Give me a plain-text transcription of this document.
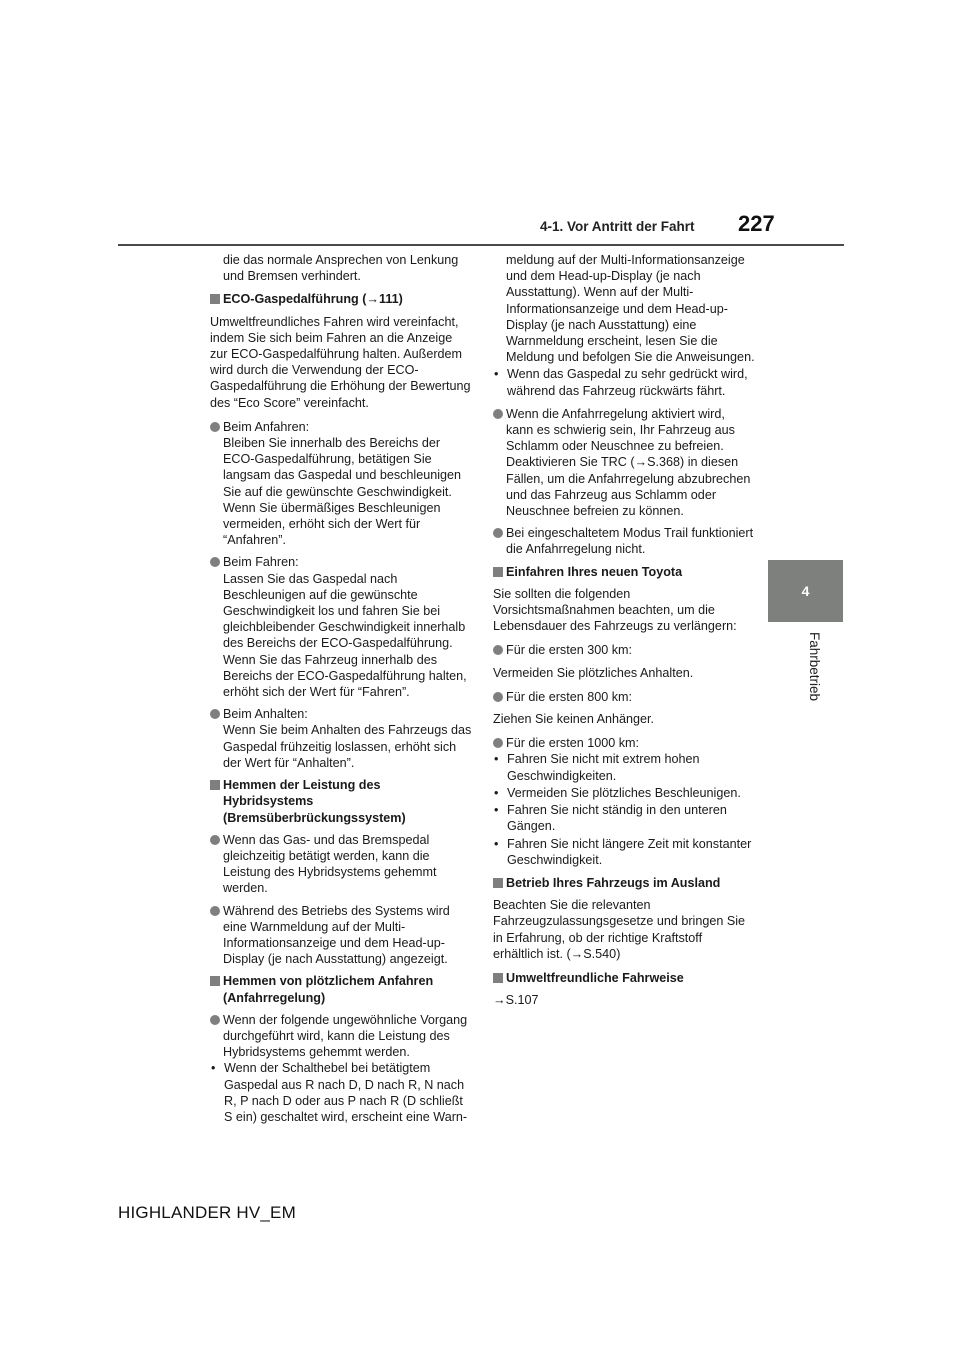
4-1. Vor Antritt der Fahrt 227
4
Fahrbetrieb
die das normale Ansprechen von Lenkung und Bremsen verhindert.
ECO-Gaspedalführung (→111)
Umweltfreundliches Fahren wird vereinfacht, indem Sie sich beim Fahren an die Anzeige zur ECO-Gaspedalführung halten. Außerdem wird durch die Verwendung der ECO-Gaspedalführung die Erhöhung der Bewertung des “Eco Score” vereinfacht.
Beim Anfahren:
Bleiben Sie innerhalb des Bereichs der ECO-Gaspedalführung, betätigen Sie langsam das Gaspedal und beschleunigen Sie auf die gewünschte Geschwindigkeit. Wenn Sie übermäßiges Beschleunigen vermeiden, erhöht sich der Wert für “Anfahren”.
Beim Fahren:
Lassen Sie das Gaspedal nach Beschleunigen auf die gewünschte Geschwindigkeit los und fahren Sie bei gleichbleibender Geschwindigkeit innerhalb des Bereichs der ECO-Gaspedalführung. Wenn Sie das Fahrzeug innerhalb des Bereichs der ECO-Gaspedalführung halten, erhöht sich der Wert für “Fahren”.
Beim Anhalten:
Wenn Sie beim Anhalten des Fahrzeugs das Gaspedal frühzeitig loslassen, erhöht sich der Wert für “Anhalten”.
Hemmen der Leistung des Hybridsystems (Bremsüberbrückungssystem)
Wenn das Gas- und das Bremspedal gleichzeitig betätigt werden, kann die Leistung des Hybridsystems gehemmt werden.
Während des Betriebs des Systems wird eine Warnmeldung auf der Multi-Informationsanzeige und dem Head-up-Display (je nach Ausstattung) angezeigt.
Hemmen von plötzlichem Anfahren (Anfahrregelung)
Wenn der folgende ungewöhnliche Vorgang durchgeführt wird, kann die Leistung des Hybridsystems gehemmt werden.
• Wenn der Schalthebel bei betätigtem Gaspedal aus R nach D, D nach R, N nach R, P nach D oder aus P nach R (D schließt S ein) geschaltet wird, erscheint eine Warn-
meldung auf der Multi-Informationsanzeige und dem Head-up-Display (je nach Ausstattung). Wenn auf der Multi-Informationsanzeige und dem Head-up-Display (je nach Ausstattung) eine Warnmeldung erscheint, lesen Sie die Meldung und befolgen Sie die Anweisungen.
• Wenn das Gaspedal zu sehr gedrückt wird, während das Fahrzeug rückwärts fährt.
Wenn die Anfahrregelung aktiviert wird, kann es schwierig sein, Ihr Fahrzeug aus Schlamm oder Neuschnee zu befreien. Deaktivieren Sie TRC (→S.368) in diesen Fällen, um die Anfahrregelung abzubrechen und das Fahrzeug aus Schlamm oder Neuschnee befreien zu können.
Bei eingeschaltetem Modus Trail funktioniert die Anfahrregelung nicht.
Einfahren Ihres neuen Toyota
Sie sollten die folgenden Vorsichtsmaßnahmen beachten, um die Lebensdauer des Fahrzeugs zu verlängern:
Für die ersten 300 km:
Vermeiden Sie plötzliches Anhalten.
Für die ersten 800 km:
Ziehen Sie keinen Anhänger.
Für die ersten 1000 km:
• Fahren Sie nicht mit extrem hohen Geschwindigkeiten.
• Vermeiden Sie plötzliches Beschleunigen.
• Fahren Sie nicht ständig in den unteren Gängen.
• Fahren Sie nicht längere Zeit mit konstanter Geschwindigkeit.
Betrieb Ihres Fahrzeugs im Ausland
Beachten Sie die relevanten Fahrzeugzulassungsgesetze und bringen Sie in Erfahrung, ob der richtige Kraftstoff erhältlich ist. (→S.540)
Umweltfreundliche Fahrweise
→S.107
HIGHLANDER HV_EM
